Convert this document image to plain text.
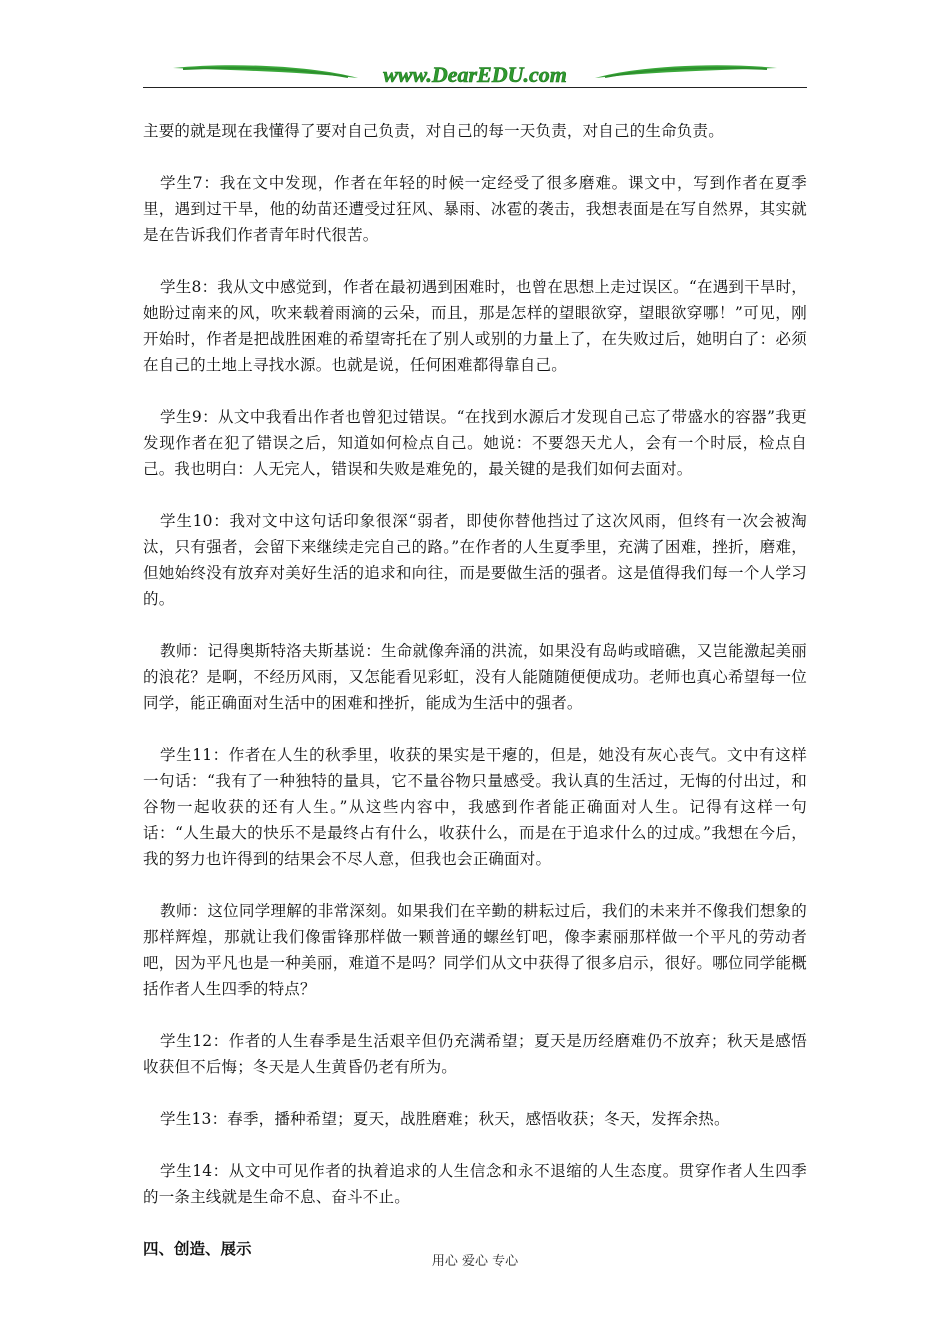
www.DearEDU.com

主要的就是现在我懂得了要对自己负责，对自己的每一天负责，对自己的生命负责。

学生7：我在文中发现，作者在年轻的时候一定经受了很多磨难。课文中，写到作者在夏季里，遇到过干旱，他的幼苗还遭受过狂风、暴雨、冰雹的袭击，我想表面是在写自然界，其实就是在告诉我们作者青年时代很苦。

学生8：我从文中感觉到，作者在最初遇到困难时，也曾在思想上走过误区。“在遇到干旱时，她盼过南来的风，吹来载着雨滴的云朵，而且，那是怎样的望眼欲穿，望眼欲穿哪！”可见，刚开始时，作者是把战胜困难的希望寄托在了别人或别的力量上了，在失败过后，她明白了：必须在自己的土地上寻找水源。也就是说，任何困难都得靠自己。

学生9：从文中我看出作者也曾犯过错误。“在找到水源后才发现自己忘了带盛水的容器”我更发现作者在犯了错误之后，知道如何检点自己。她说：不要怨天尤人，会有一个时辰，检点自己。我也明白：人无完人，错误和失败是难免的，最关键的是我们如何去面对。

学生10：我对文中这句话印象很深“弱者，即使你替他挡过了这次风雨，但终有一次会被淘汰，只有强者，会留下来继续走完自己的路。”在作者的人生夏季里，充满了困难，挫折，磨难，但她始终没有放弃对美好生活的追求和向往，而是要做生活的强者。这是值得我们每一个人学习的。

教师：记得奥斯特洛夫斯基说：生命就像奔涌的洪流，如果没有岛屿或暗礁，又岂能激起美丽的浪花？是啊，不经历风雨，又怎能看见彩虹，没有人能随随便便成功。老师也真心希望每一位同学，能正确面对生活中的困难和挫折，能成为生活中的强者。

学生11：作者在人生的秋季里，收获的果实是干瘪的，但是，她没有灰心丧气。文中有这样一句话：“我有了一种独特的量具，它不量谷物只量感受。我认真的生活过，无悔的付出过，和谷物一起收获的还有人生。”从这些内容中，我感到作者能正确面对人生。记得有这样一句话：“人生最大的快乐不是最终占有什么，收获什么，而是在于追求什么的过成。”我想在今后，我的努力也许得到的结果会不尽人意，但我也会正确面对。

教师：这位同学理解的非常深刻。如果我们在辛勤的耕耘过后，我们的未来并不像我们想象的那样辉煌，那就让我们像雷锋那样做一颗普通的螺丝钉吧，像李素丽那样做一个平凡的劳动者吧，因为平凡也是一种美丽，难道不是吗？同学们从文中获得了很多启示，很好。哪位同学能概括作者人生四季的特点？

学生12：作者的人生春季是生活艰辛但仍充满希望；夏天是历经磨难仍不放弃；秋天是感悟收获但不后悔；冬天是人生黄昏仍老有所为。

学生13：春季，播种希望；夏天，战胜磨难；秋天，感悟收获；冬天，发挥余热。

学生14：从文中可见作者的执着追求的人生信念和永不退缩的人生态度。贯穿作者人生四季的一条主线就是生命不息、奋斗不止。

四、创造、展示

用心 爱心 专心
